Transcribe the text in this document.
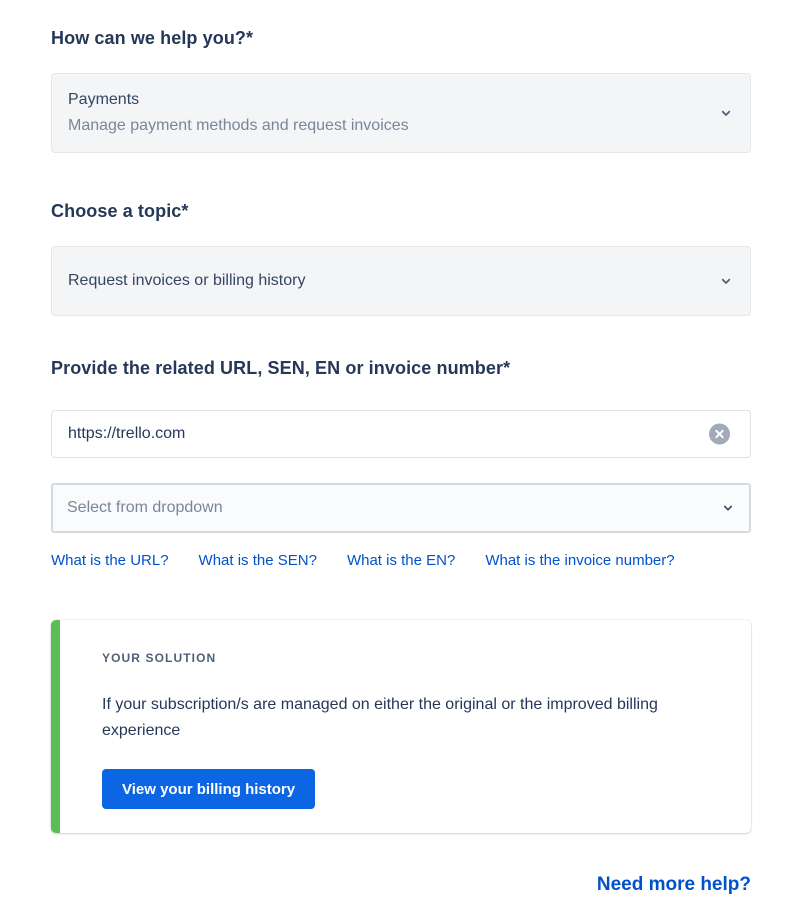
How can we help you?*
Payments
Manage payment methods and request invoices
Choose a topic*
Request invoices or billing history
Provide the related URL, SEN, EN or invoice number*
https://trello.com
Select from dropdown
What is the URL? What is the SEN? What is the EN? What is the invoice number?
YOUR SOLUTION
If your subscription/s are managed on either the original or the improved billing experience
View your billing history
Need more help?
